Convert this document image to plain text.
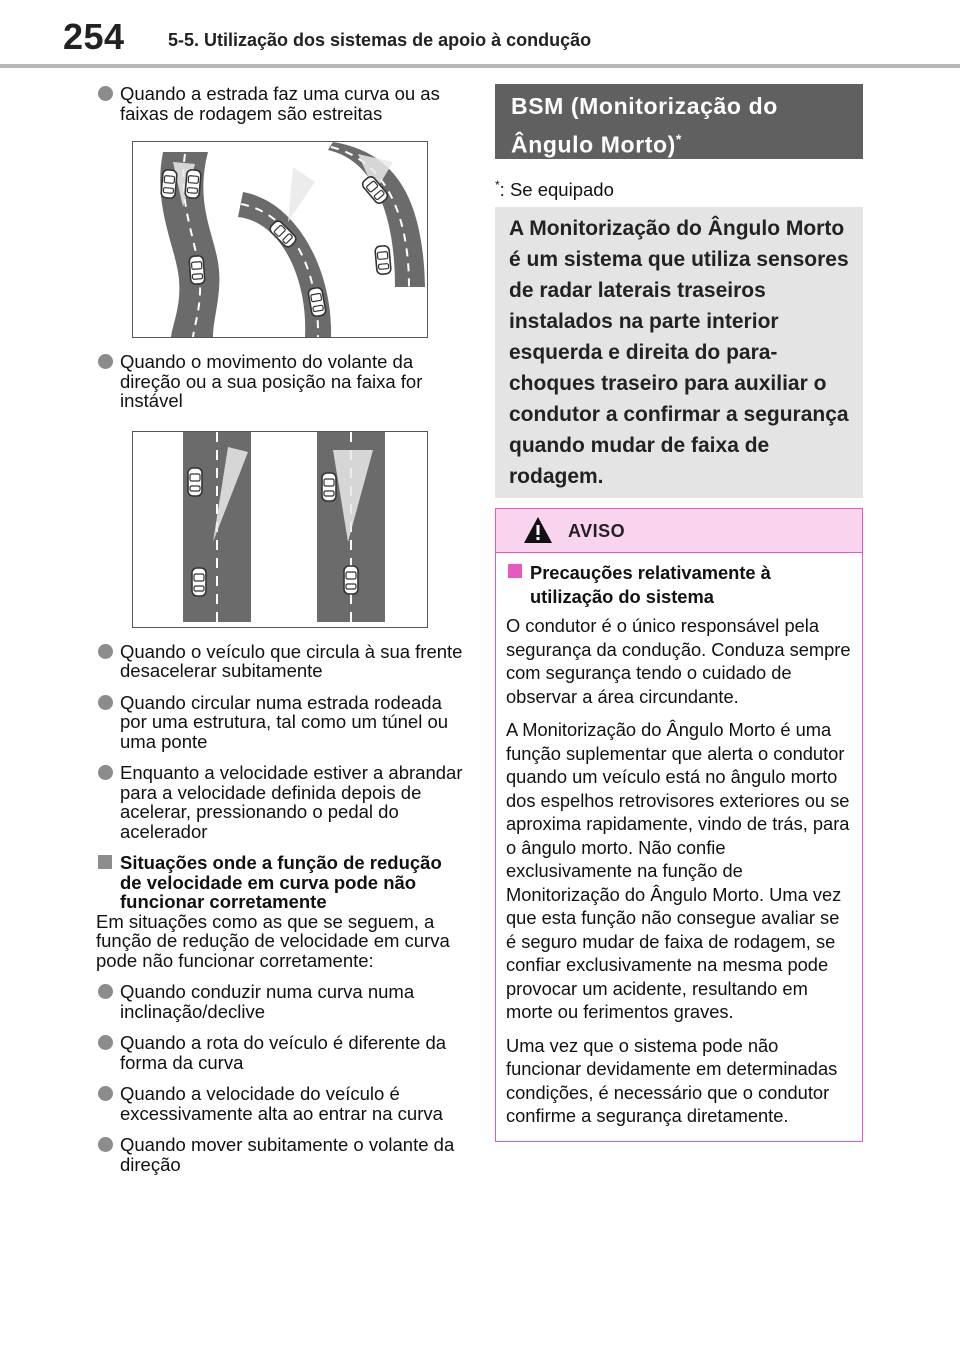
254 5-5. Utilização dos sistemas de apoio à condução
Quando a estrada faz uma curva ou as faixas de rodagem são estreitas
Quando o movimento do volante da direção ou a sua posição na faixa for instável
Quando o veículo que circula à sua frente desacelerar subitamente
Quando circular numa estrada rodeada por uma estrutura, tal como um túnel ou uma ponte
Enquanto a velocidade estiver a abrandar para a velocidade definida depois de acelerar, pressionando o pedal do acelerador
Situações onde a função de redução de velocidade em curva pode não funcionar corretamente
Em situações como as que se seguem, a função de redução de velocidade em curva pode não funcionar corretamente:
Quando conduzir numa curva numa inclinação/declive
Quando a rota do veículo é diferente da forma da curva
Quando a velocidade do veículo é excessivamente alta ao entrar na curva
Quando mover subitamente o volante da direção
BSM (Monitorização do
Ângulo Morto)*
*: Se equipado
A Monitorização do Ângulo Morto é um sistema que utiliza sensores de radar laterais traseiros instalados na parte interior esquerda e direita do para-choques traseiro para auxiliar o condutor a confirmar a segurança quando mudar de faixa de rodagem.
AVISO
Precauções relativamente à utilização do sistema

O condutor é o único responsável pela segurança da condução. Conduza sempre com segurança tendo o cuidado de observar a área circundante.

A Monitorização do Ângulo Morto é uma função suplementar que alerta o condutor quando um veículo está no ângulo morto dos espelhos retrovisores exteriores ou se aproxima rapidamente, vindo de trás, para o ângulo morto. Não confie exclusivamente na função de Monitorização do Ângulo Morto. Uma vez que esta função não consegue avaliar se é seguro mudar de faixa de rodagem, se confiar exclusivamente na mesma pode provocar um acidente, resultando em morte ou ferimentos graves.

Uma vez que o sistema pode não funcionar devidamente em determinadas condições, é necessário que o condutor confirme a segurança diretamente.
